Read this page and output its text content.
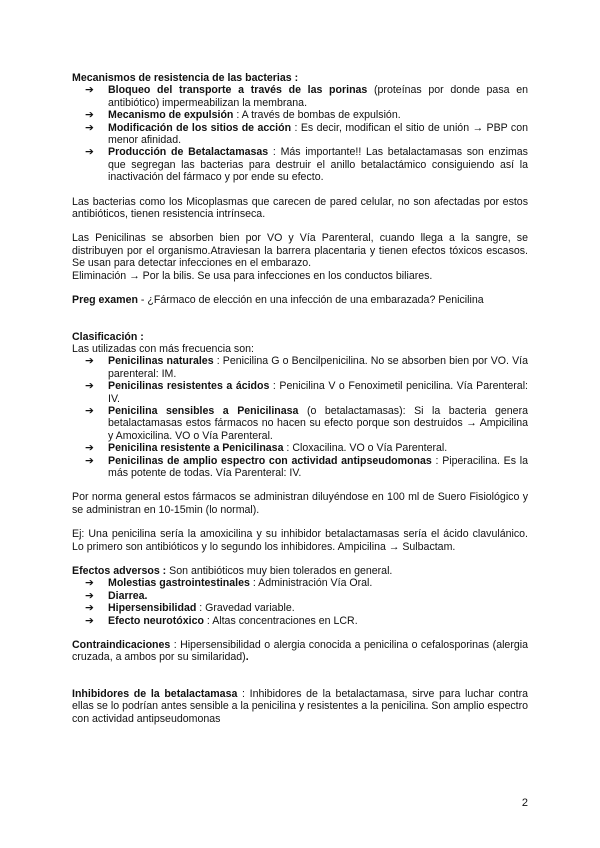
Mecanismos de resistencia de las bacterias :

➔ Bloqueo del transporte a través de las porinas (proteínas por donde pasa en antibiótico) impermeabilizan la membrana.
➔ Mecanismo de expulsión : A través de bombas de expulsión.
➔ Modificación de los sitios de acción : Es decir, modifican el sitio de unión → PBP con menor afinidad.
➔ Producción de Betalactamasas : Más importante!! Las betalactamasas son enzimas que segregan las bacterias para destruir el anillo betalactámico consiguiendo así la inactivación del fármaco y por ende su efecto.

Las bacterias como los Micoplasmas que carecen de pared celular, no son afectadas por estos antibióticos, tienen resistencia intrínseca.

Las Penicilinas se absorben bien por VO y Vía Parenteral, cuando llega a la sangre, se distribuyen por el organismo.Atraviesan la barrera placentaria y tienen efectos tóxicos escasos. Se usan para detectar infecciones en el embarazo.

Eliminación → Por la bilis. Se usa para infecciones en los conductos biliares.

Preg examen - ¿Fármaco de elección en una infección de una embarazada? Penicilina

Clasificación :

Las utilizadas con más frecuencia son:

➔ Penicilinas naturales : Penicilina G o Bencilpenicilina. No se absorben bien por VO. Vía parenteral: IM.
➔ Penicilinas resistentes a ácidos : Penicilina V o Fenoximetil penicilina. Vía Parenteral: IV.
➔ Penicilina sensibles a Penicilinasa (o betalactamasas): Si la bacteria genera betalactamasas estos fármacos no hacen su efecto porque son destruidos → Ampicilina y Amoxicilina. VO o Vía Parenteral.
➔ Penicilina resistente a Penicilinasa : Cloxacilina. VO o Vía Parenteral.
➔ Penicilinas de amplio espectro con actividad antipseudomonas : Piperacilina. Es la más potente de todas. Vía Parenteral: IV.

Por norma general estos fármacos se administran diluyéndose en 100 ml de Suero Fisiológico y se administran en 10-15min (lo normal).

Ej: Una penicilina sería la amoxicilina y su inhibidor betalactamasas sería el ácido clavulánico. Lo primero son antibióticos y lo segundo los inhibidores. Ampicilina → Sulbactam.

Efectos adversos : Son antibióticos muy bien tolerados en general.

➔ Molestias gastrointestinales : Administración Vía Oral.
➔ Diarrea.
➔ Hipersensibilidad : Gravedad variable.
➔ Efecto neurotóxico : Altas concentraciones en LCR.

Contraindicaciones : Hipersensibilidad o alergia conocida a penicilina o cefalosporinas (alergia cruzada, a ambos por su similaridad).

Inhibidores de la betalactamasa : Inhibidores de la betalactamasa, sirve para luchar contra ellas se lo podrían antes sensible a la penicilina y resistentes a la penicilina. Son amplio espectro con actividad antipseudomonas

2
